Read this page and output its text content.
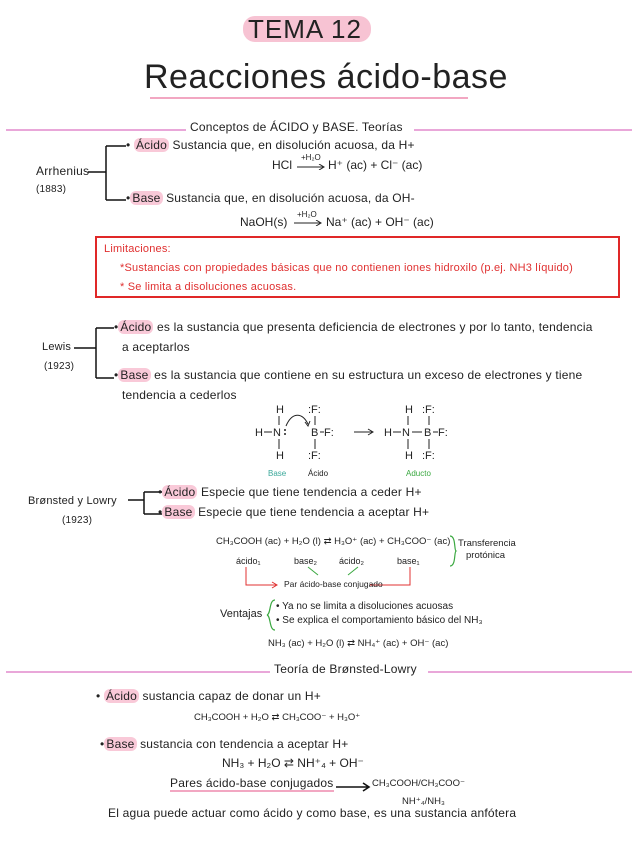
TEMA 12
Reacciones ácido-base
Conceptos de ÁCIDO y BASE. Teorías
Arrhenius
(1883)
• Ácido Sustancia que, en disolución acuosa, da H+
HCl
+H₂O
H⁺ (ac) + Cl⁻ (ac)
• Base Sustancia que, en disolución acuosa, da OH-
NaOH(s)
+H₂O
Na⁺ (ac) + OH⁻ (ac)
Limitaciones:
*Sustancias con propiedades básicas que no contienen iones hidroxilo (p.ej. NH3 líquido)
* Se limita a disoluciones acuosas.
Lewis
(1923)
• Ácido es la sustancia que presenta deficiencia de electrones y por lo tanto, tendencia
a aceptarlos
• Base es la sustancia que contiene en su estructura un exceso de electrones y tiene
tendencia a cederlos
H
H N
H
:F:
B F:
:F:
H
H N
H
:F:
B F:
:F:
Base	Ácido	Aducto
Brønsted y Lowry
(1923)
• Ácido Especie que tiene tendencia a ceder H+
• Base Especie que tiene tendencia a aceptar H+
CH₃COOH (ac) + H₂O (l) ⇄ H₃O⁺ (ac) + CH₃COO⁻ (ac)
ácido₁	base₂ ácido₂	base₁
Par ácido-base conjugado
Transferencia
protónica
Ventajas
• Ya no se limita a disoluciones acuosas
• Se explica el comportamiento básico del NH₃
NH₃ (ac) + H₂O (l) ⇄ NH₄⁺ (ac) + OH⁻ (ac)
Teoría de Brønsted-Lowry
• Ácido sustancia capaz de donar un H+
CH₃COOH + H₂O ⇄ CH₃COO⁻ + H₃O⁺
• Base sustancia con tendencia a aceptar H+
NH₃ + H₂O ⇄ NH⁺₄ + OH⁻
Pares ácido-base conjugados	CH₃COOH/CH₃COO⁻
NH⁺₄/NH₃
El agua puede actuar como ácido y como base, es una sustancia anfótera
